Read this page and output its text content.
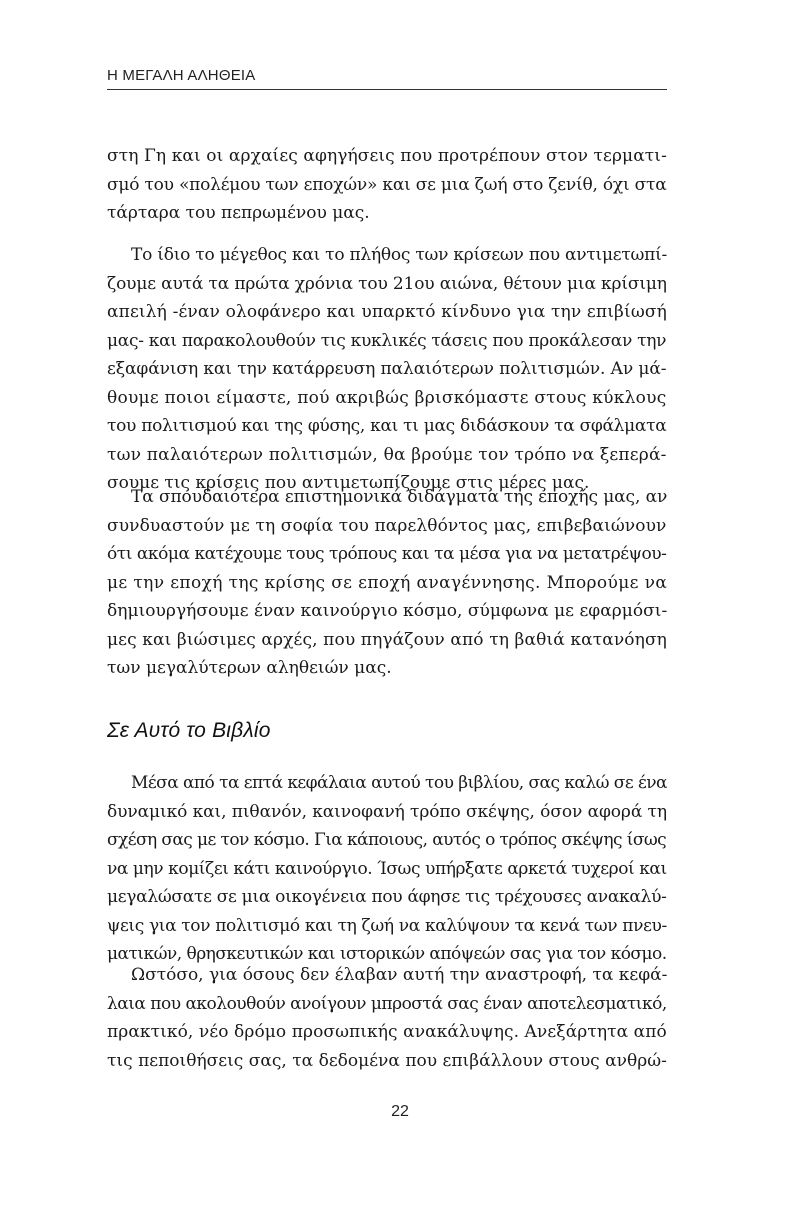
Η ΜΕΓΑΛΗ ΑΛΗΘΕΙΑ
στη Γη και οι αρχαίες αφηγήσεις που προτρέπουν στον τερματι-
σμό του «πολέμου των εποχών» και σε μια ζωή στο ζενίθ, όχι στα
τάρταρα του πεπρωμένου μας.
Το ίδιο το μέγεθος και το πλήθος των κρίσεων που αντιμετωπί-
ζουμε αυτά τα πρώτα χρόνια του 21ου αιώνα, θέτουν μια κρίσιμη
απειλή -έναν ολοφάνερο και υπαρκτό κίνδυνο για την επιβίωσή
μας- και παρακολουθούν τις κυκλικές τάσεις που προκάλεσαν την
εξαφάνιση και την κατάρρευση παλαιότερων πολιτισμών. Αν μά-
θουμε ποιοι είμαστε, πού ακριβώς βρισκόμαστε στους κύκλους
του πολιτισμού και της φύσης, και τι μας διδάσκουν τα σφάλματα
των παλαιότερων πολιτισμών, θα βρούμε τον τρόπο να ξεπερά-
σουμε τις κρίσεις που αντιμετωπίζουμε στις μέρες μας.
Τα σπουδαιότερα επιστημονικά διδάγματα της εποχής μας, αν
συνδυαστούν με τη σοφία του παρελθόντος μας, επιβεβαιώνουν
ότι ακόμα κατέχουμε τους τρόπους και τα μέσα για να μετατρέψου-
με την εποχή της κρίσης σε εποχή αναγέννησης. Μπορούμε να
δημιουργήσουμε έναν καινούργιο κόσμο, σύμφωνα με εφαρμόσι-
μες και βιώσιμες αρχές, που πηγάζουν από τη βαθιά κατανόηση
των μεγαλύτερων αληθειών μας.
Σε Αυτό το Βιβλίο
Μέσα από τα επτά κεφάλαια αυτού του βιβλίου, σας καλώ σε ένα
δυναμικό και, πιθανόν, καινοφανή τρόπο σκέψης, όσον αφορά τη
σχέση σας με τον κόσμο. Για κάποιους, αυτός ο τρόπος σκέψης ίσως
να μην κομίζει κάτι καινούργιο. Ίσως υπήρξατε αρκετά τυχεροί και
μεγαλώσατε σε μια οικογένεια που άφησε τις τρέχουσες ανακαλύ-
ψεις για τον πολιτισμό και τη ζωή να καλύψουν τα κενά των πνευ-
ματικών, θρησκευτικών και ιστορικών απόψεών σας για τον κόσμο.
Ωστόσο, για όσους δεν έλαβαν αυτή την αναστροφή, τα κεφά-
λαια που ακολουθούν ανοίγουν μπροστά σας έναν αποτελεσματικό,
πρακτικό, νέο δρόμο προσωπικής ανακάλυψης. Ανεξάρτητα από
τις πεποιθήσεις σας, τα δεδομένα που επιβάλλουν στους ανθρώ-
22
